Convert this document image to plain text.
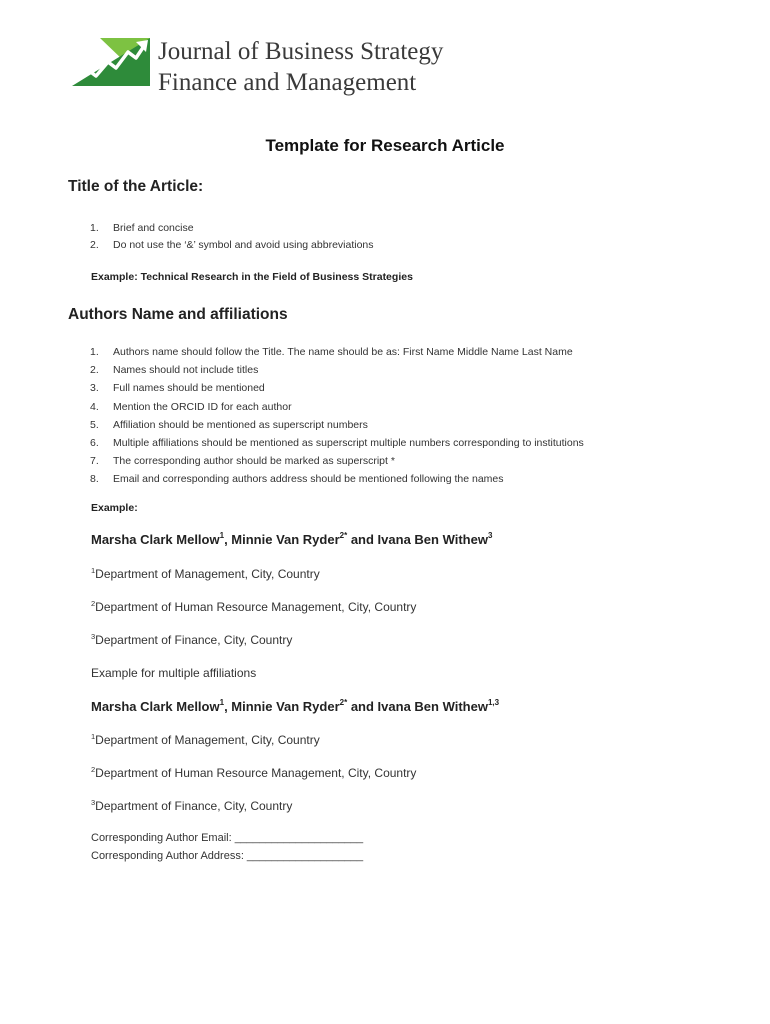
Journal of Business Strategy
Finance and Management
Template for Research Article
Title of the Article:
1. Brief and concise
2. Do not use the ‘&’ symbol and avoid using abbreviations
Example: Technical Research in the Field of Business Strategies
Authors Name and affiliations
1. Authors name should follow the Title. The name should be as: First Name Middle Name Last Name
2. Names should not include titles
3. Full names should be mentioned
4. Mention the ORCID ID for each author
5. Affiliation should be mentioned as superscript numbers
6. Multiple affiliations should be mentioned as superscript multiple numbers corresponding to institutions
7. The corresponding author should be marked as superscript *
8. Email and corresponding authors address should be mentioned following the names
Example:
Marsha Clark Mellow$^1$, Minnie Van Ryder$^{2*}$ and Ivana Ben Withew$^3$
$^1$Department of Management, City, Country
$^2$Department of Human Resource Management, City, Country
$^3$Department of Finance, City, Country
Example for multiple affiliations
Marsha Clark Mellow$^1$, Minnie Van Ryder$^{2*}$ and Ivana Ben Withew$^{1,3}$
$^1$Department of Management, City, Country
$^2$Department of Human Resource Management, City, Country
$^3$Department of Finance, City, Country
Corresponding Author Email: _____________________
Corresponding Author Address: ___________________
